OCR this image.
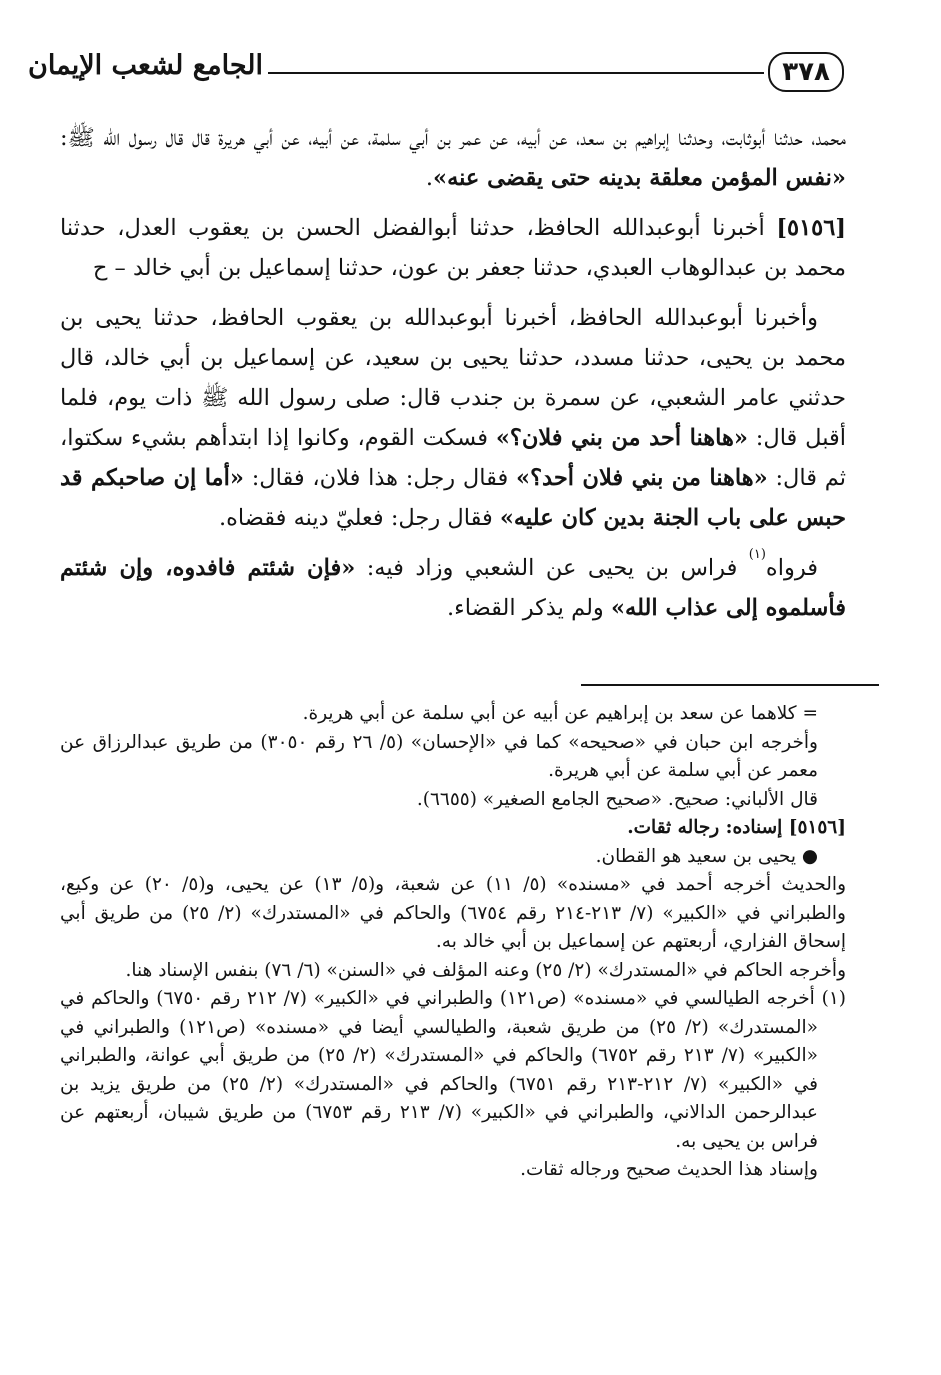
٣٧٨
الجامع لشعب الإيمان

محمد، حدثنا أبوثابت، وحدثنا إبراهيم بن سعد، عن أبيه، عن عمر بن أبي سلمة، عن أبيه، عن أبي هريرة قال قال رسول الله ﷺ: «نفس المؤمن معلقة بدينه حتى يقضى عنه».

[٥١٥٦] أخبرنا أبوعبدالله الحافظ، حدثنا أبوالفضل الحسن بن يعقوب العدل، حدثنا محمد بن عبدالوهاب العبدي، حدثنا جعفر بن عون، حدثنا إسماعيل بن أبي خالد – ح

وأخبرنا أبوعبدالله الحافظ، أخبرنا أبوعبدالله بن يعقوب الحافظ، حدثنا يحيى بن محمد بن يحيى، حدثنا مسدد، حدثنا يحيى بن سعيد، عن إسماعيل بن أبي خالد، قال حدثني عامر الشعبي، عن سمرة بن جندب قال: صلى رسول الله ﷺ ذات يوم، فلما أقبل قال: «هاهنا أحد من بني فلان؟» فسكت القوم، وكانوا إذا ابتدأهم بشيء سكتوا، ثم قال: «هاهنا من بني فلان أحد؟» فقال رجل: هذا فلان، فقال: «أما إن صاحبكم قد حبس على باب الجنة بدين كان عليه» فقال رجل: فعليّ دينه فقضاه.

فرواه$^{(١)}$ فراس بن يحيى عن الشعبي وزاد فيه: «فإن شئتم فافدوه، وإن شئتم فأسلموه إلى عذاب الله» ولم يذكر القضاء.

= كلاهما عن سعد بن إبراهيم عن أبيه عن أبي سلمة عن أبي هريرة.

وأخرجه ابن حبان في «صحيحه» كما في «الإحسان» (٥/ ٢٦ رقم ٣٠٥٠) من طريق عبدالرزاق عن معمر عن أبي سلمة عن أبي هريرة.

قال الألباني: صحيح. «صحيح الجامع الصغير» (٦٦٥٥).

[٥١٥٦] إسناده: رجاله ثقات.

● يحيى بن سعيد هو القطان.

والحديث أخرجه أحمد في «مسنده» (٥/ ١١) عن شعبة، و(٥/ ١٣) عن يحيى، و(٥/ ٢٠) عن وكيع، والطبراني في «الكبير» (٧/ ٢١٣-٢١٤ رقم ٦٧٥٤) والحاكم في «المستدرك» (٢/ ٢٥) من طريق أبي إسحاق الفزاري، أربعتهم عن إسماعيل بن أبي خالد به.

وأخرجه الحاكم في «المستدرك» (٢/ ٢٥) وعنه المؤلف في «السنن» (٦/ ٧٦) بنفس الإسناد هنا.

(١) أخرجه الطيالسي في «مسنده» (ص١٢١) والطبراني في «الكبير» (٧/ ٢١٢ رقم ٦٧٥٠) والحاكم في «المستدرك» (٢/ ٢٥) من طريق شعبة، والطيالسي أيضا في «مسنده» (ص١٢١) والطبراني في «الكبير» (٧/ ٢١٣ رقم ٦٧٥٢) والحاكم في «المستدرك» (٢/ ٢٥) من طريق أبي عوانة، والطبراني في «الكبير» (٧/ ٢١٢-٢١٣ رقم ٦٧٥١) والحاكم في «المستدرك» (٢/ ٢٥) من طريق يزيد بن عبدالرحمن الدالاني، والطبراني في «الكبير» (٧/ ٢١٣ رقم ٦٧٥٣) من طريق شيبان، أربعتهم عن فراس بن يحيى به.

وإسناد هذا الحديث صحيح ورجاله ثقات.
